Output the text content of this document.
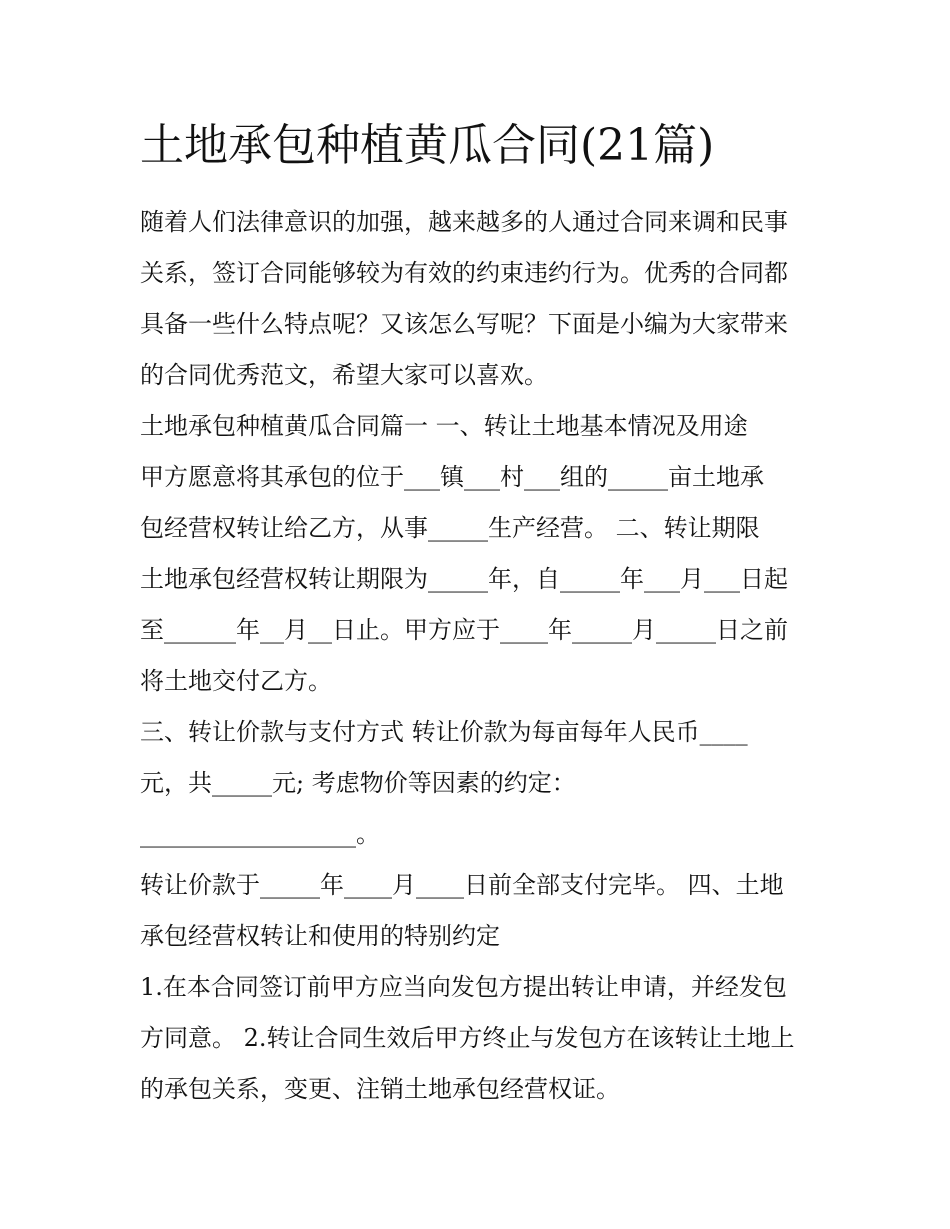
土地承包种植黄瓜合同(21篇)
随着人们法律意识的加强，越来越多的人通过合同来调和民事
关系，签订合同能够较为有效的约束违约行为。优秀的合同都
具备一些什么特点呢？又该怎么写呢？下面是小编为大家带来
的合同优秀范文，希望大家可以喜欢。
土地承包种植黄瓜合同篇一 一、转让土地基本情况及用途
甲方愿意将其承包的位于___镇___村___组的_____亩土地承
包经营权转让给乙方，从事_____生产经营。 二、转让期限
土地承包经营权转让期限为_____年，自_____年___月___日起
至______年__月__日止。甲方应于____年_____月_____日之前
将土地交付乙方。
三、转让价款与支付方式 转让价款为每亩每年人民币____
元，共_____元; 考虑物价等因素的约定：
__________________。
转让价款于_____年____月____日前全部支付完毕。 四、土地
承包经营权转让和使用的特别约定
1.在本合同签订前甲方应当向发包方提出转让申请，并经发包
方同意。 2.转让合同生效后甲方终止与发包方在该转让土地上
的承包关系，变更、注销土地承包经营权证。
